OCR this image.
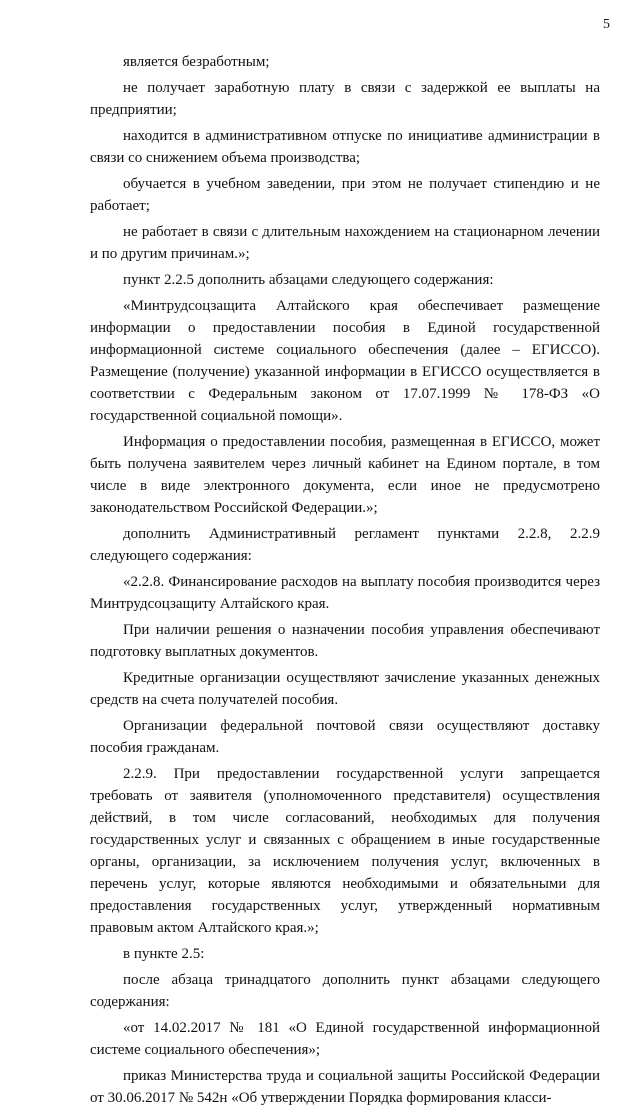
5

является безработным;

не получает заработную плату в связи с задержкой ее выплаты на предприятии;

находится в административном отпуске по инициативе администрации в связи со снижением объема производства;

обучается в учебном заведении, при этом не получает стипендию и не работает;

не работает в связи с длительным нахождением на стационарном лечении и по другим причинам.»;

пункт 2.2.5 дополнить абзацами следующего содержания:

«Минтрудсоцзащита Алтайского края обеспечивает размещение информации о предоставлении пособия в Единой государственной информационной системе социального обеспечения (далее – ЕГИССО). Размещение (получение) указанной информации в ЕГИССО осуществляется в соответствии с Федеральным законом от 17.07.1999 № 178-ФЗ «О государственной социальной помощи».

Информация о предоставлении пособия, размещенная в ЕГИССО, может быть получена заявителем через личный кабинет на Едином портале, в том числе в виде электронного документа, если иное не предусмотрено законодательством Российской Федерации.»;

дополнить Административный регламент пунктами 2.2.8, 2.2.9 следующего содержания:

«2.2.8. Финансирование расходов на выплату пособия производится через Минтрудсоцзащиту Алтайского края.

При наличии решения о назначении пособия управления обеспечивают подготовку выплатных документов.

Кредитные организации осуществляют зачисление указанных денежных средств на счета получателей пособия.

Организации федеральной почтовой связи осуществляют доставку пособия гражданам.

2.2.9. При предоставлении государственной услуги запрещается требовать от заявителя (уполномоченного представителя) осуществления действий, в том числе согласований, необходимых для получения государственных услуг и связанных с обращением в иные государственные органы, организации, за исключением получения услуг, включенных в перечень услуг, которые являются необходимыми и обязательными для предоставления государственных услуг, утвержденный нормативным правовым актом Алтайского края.»;

в пункте 2.5:

после абзаца тринадцатого дополнить пункт абзацами следующего содержания:

«от 14.02.2017 № 181 «О Единой государственной информационной системе социального обеспечения»;

приказ Министерства труда и социальной защиты Российской Федерации от 30.06.2017 № 542н «Об утверждении Порядка формирования класси-
